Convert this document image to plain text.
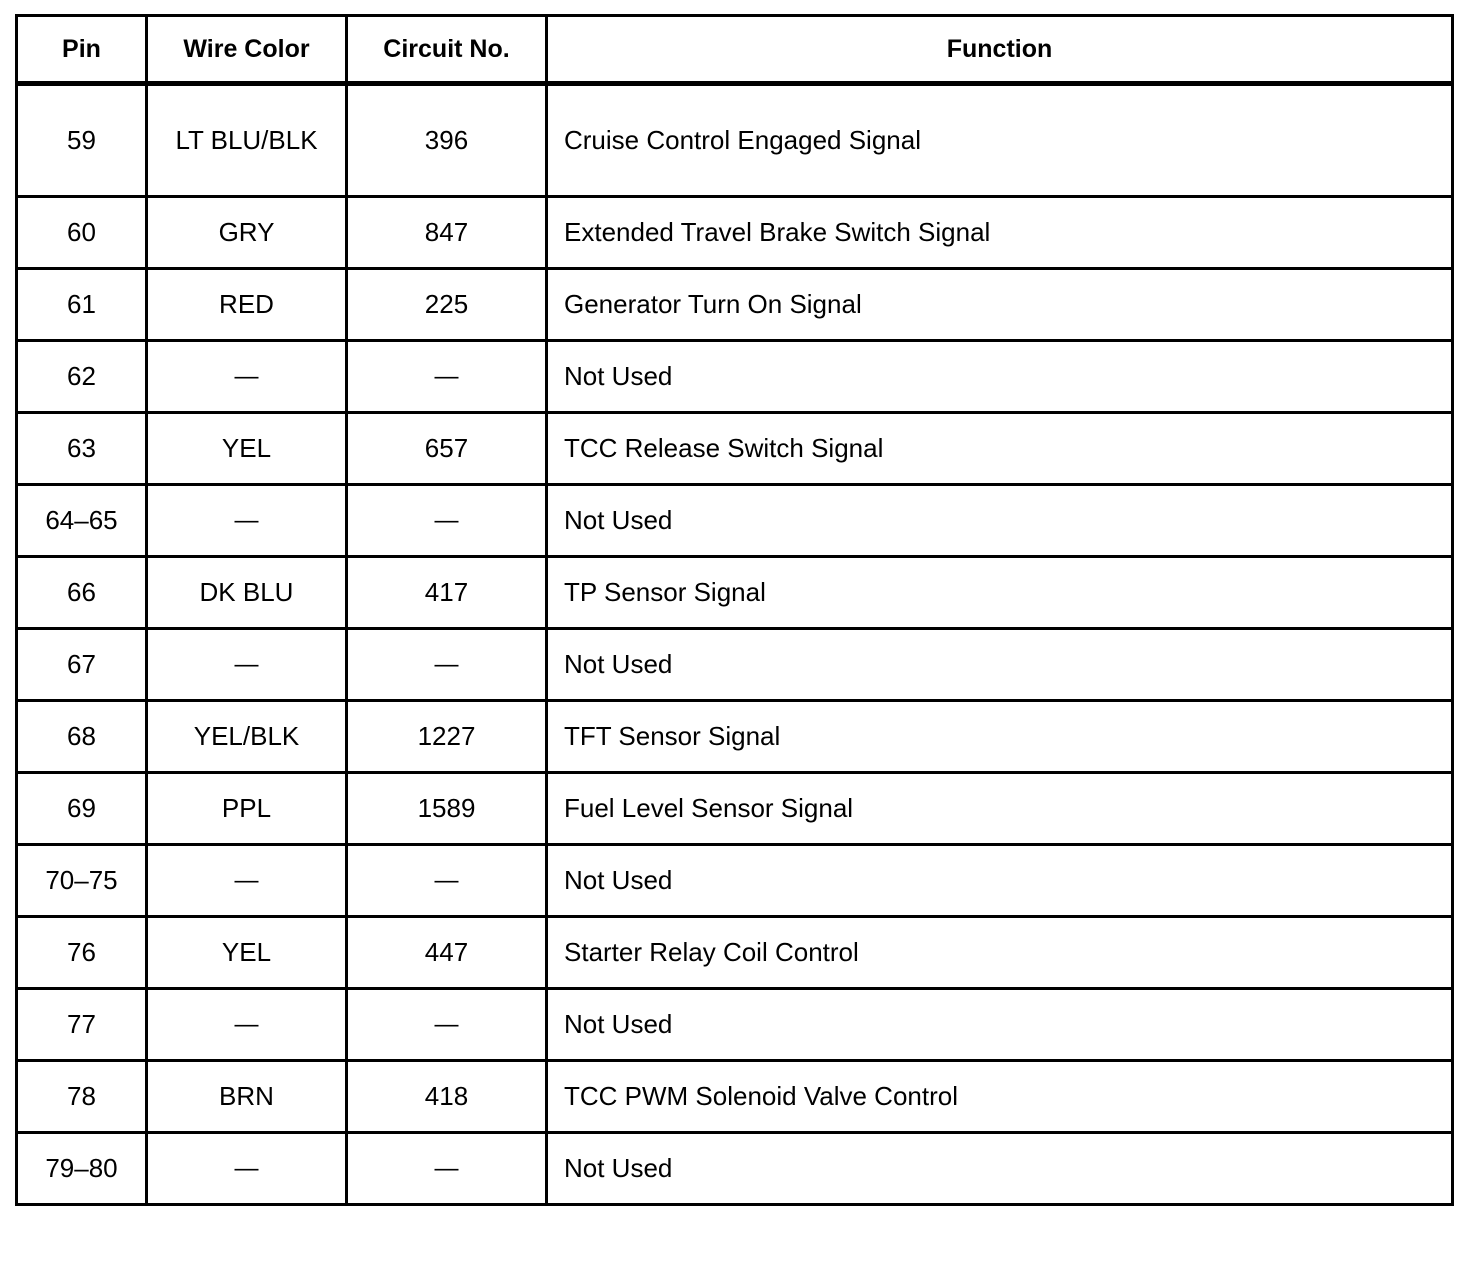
Pin	Wire Color	Circuit No.	Function
59	LT BLU/BLK	396	Cruise Control Engaged Signal
60	GRY	847	Extended Travel Brake Switch Signal
61	RED	225	Generator Turn On Signal
62	—	—	Not Used
63	YEL	657	TCC Release Switch Signal
64–65	—	—	Not Used
66	DK BLU	417	TP Sensor Signal
67	—	—	Not Used
68	YEL/BLK	1227	TFT Sensor Signal
69	PPL	1589	Fuel Level Sensor Signal
70–75	—	—	Not Used
76	YEL	447	Starter Relay Coil Control
77	—	—	Not Used
78	BRN	418	TCC PWM Solenoid Valve Control
79–80	—	—	Not Used
